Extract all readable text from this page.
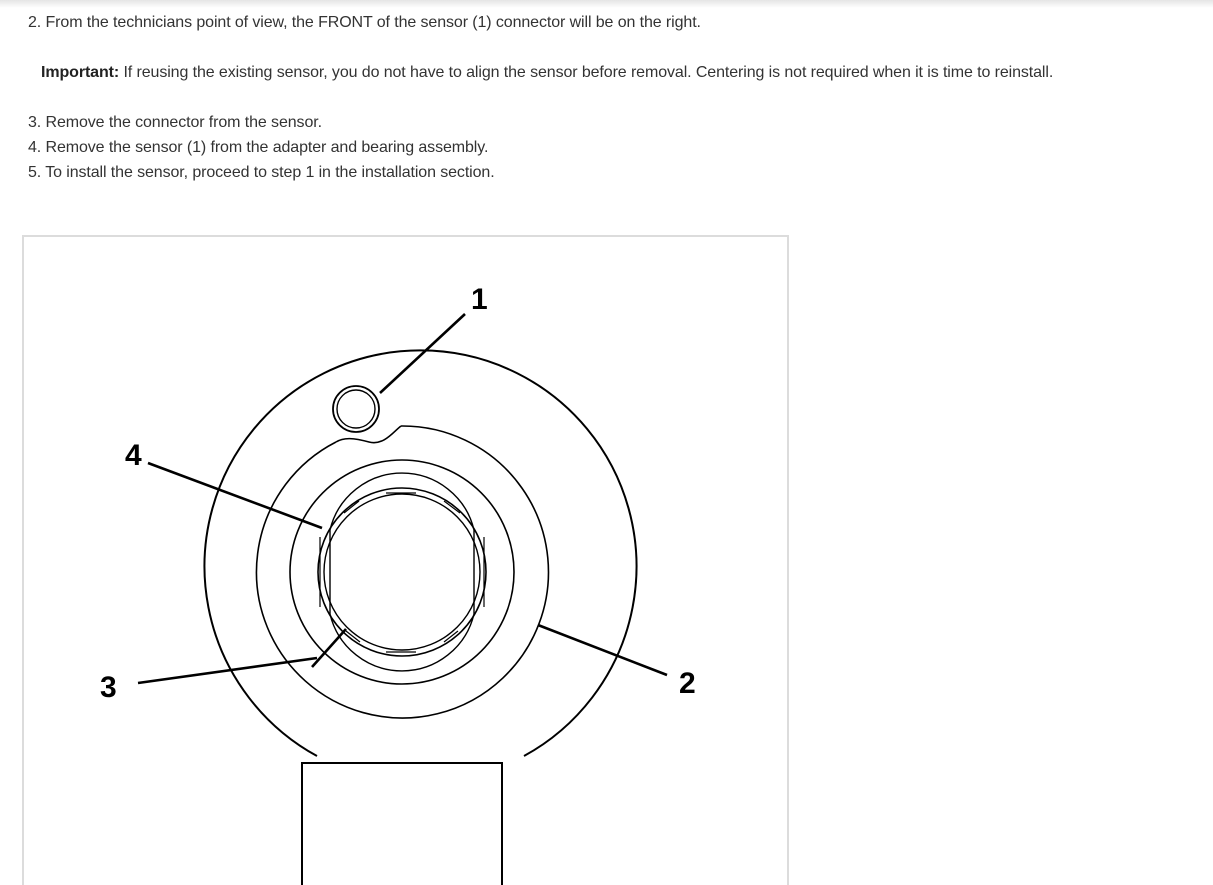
2. From the technicians point of view, the FRONT of the sensor (1) connector will be on the right.
Important: If reusing the existing sensor, you do not have to align the sensor before removal. Centering is not required when it is time to reinstall.
3. Remove the connector from the sensor.
4. Remove the sensor (1) from the adapter and bearing assembly.
5. To install the sensor, proceed to step 1 in the installation section.
1
2
3
4
